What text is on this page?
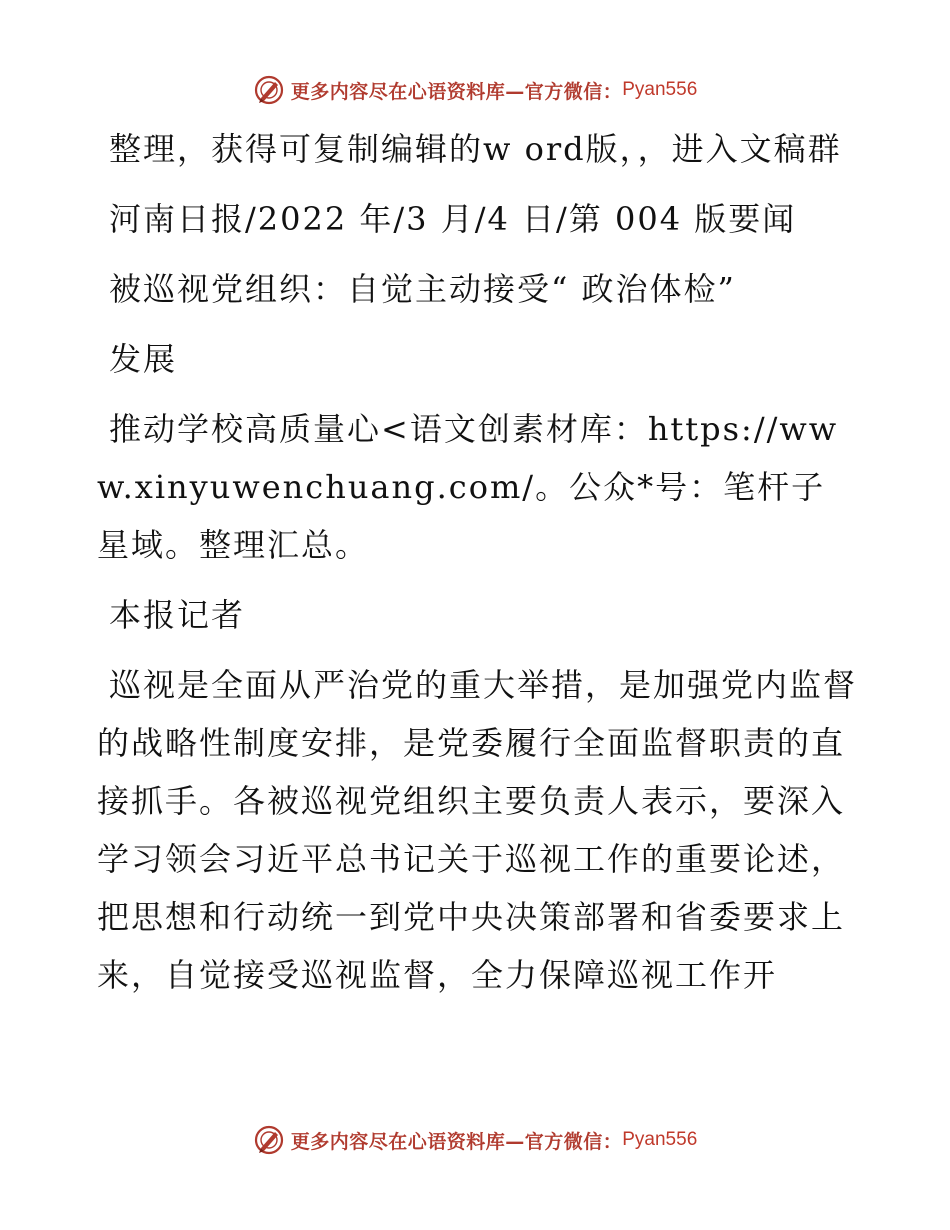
更多内容尽在心语资料库—官方微信： Pyan556

整理，获得可复制编辑的w ord版，，进入文稿群

河南日报/2022 年/3 月/4 日/第 004 版要闻

被巡视党组织：自觉主动接受“ 政治体检”

发展

推动学校高质量心<语文创素材库：https://www.xinyuwenchuang.com/。公众*号：笔杆子星域。整理汇总。

本报记者

巡视是全面从严治党的重大举措，是加强党内监督的战略性制度安排，是党委履行全面监督职责的直接抓手。各被巡视党组织主要负责人表示，要深入学习领会习近平总书记关于巡视工作的重要论述，把思想和行动统一到党中央决策部署和省委要求上来，自觉接受巡视监督，全力保障巡视工作开

更多内容尽在心语资料库—官方微信： Pyan556
